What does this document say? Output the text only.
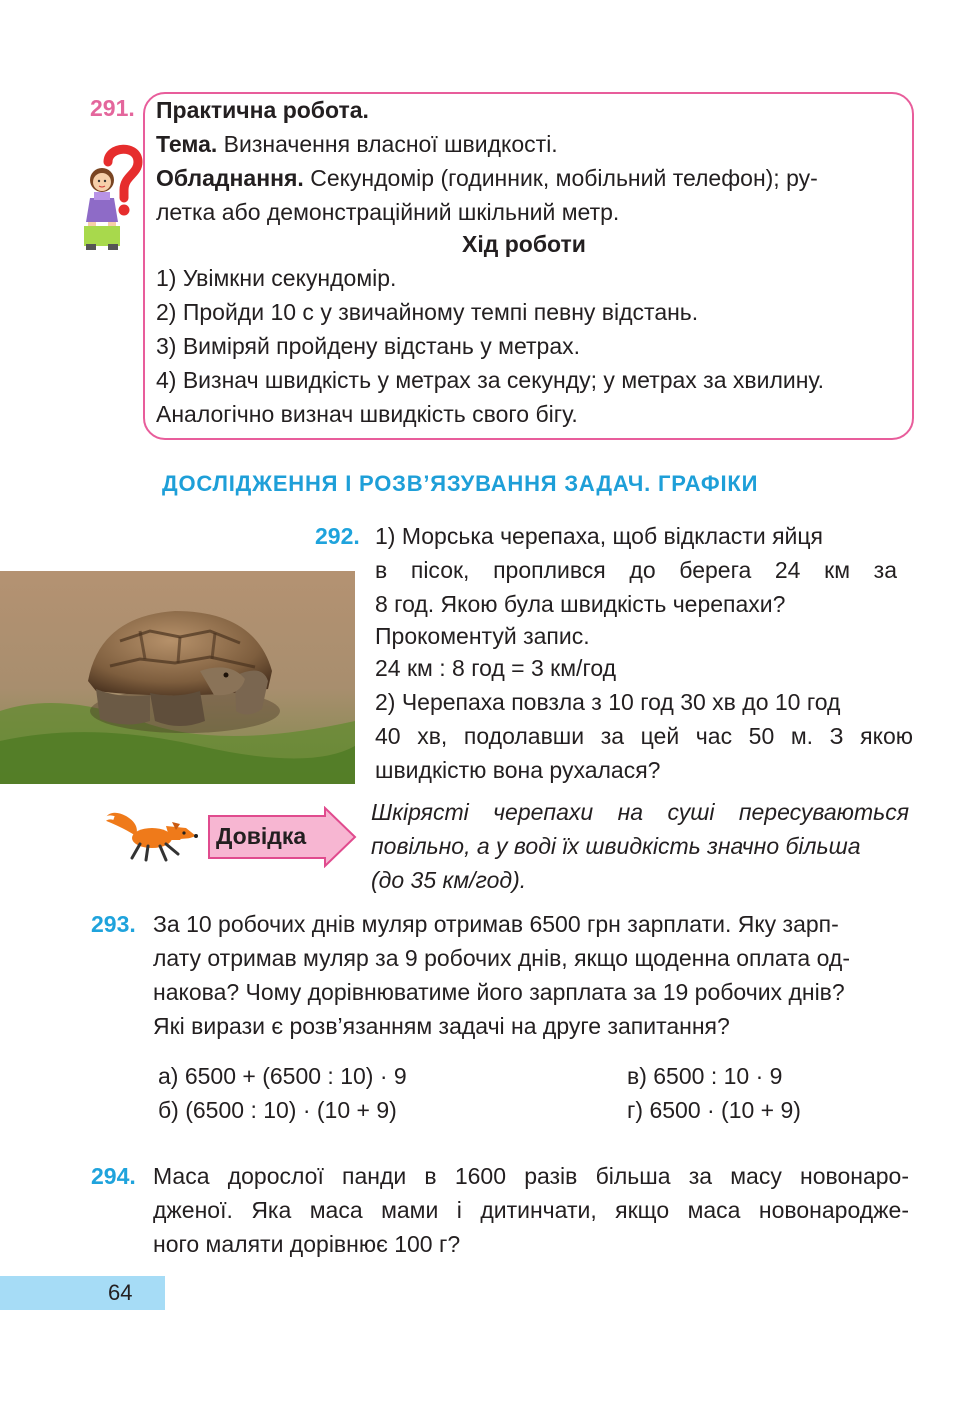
291. Практична робота.
Тема. Визначення власної швидкості.
Обладнання. Секундомір (годинник, мобільний телефон); ру-
летка або демонстраційний шкільний метр.
Хід роботи
1) Увімкни секундомір.
2) Пройди 10 с у звичайному темпі певну відстань.
3) Виміряй пройдену відстань у метрах.
4) Визнач швидкість у метрах за секунду; у метрах за хвилину.
Аналогічно визнач швидкість свого бігу.
ДОСЛІДЖЕННЯ І РОЗВ’ЯЗУВАННЯ ЗАДАЧ. ГРАФІКИ
292. 1) Морська черепаха, щоб відкласти яйця
в пісок, проплився до берега 24 км за
8 год. Якою була швидкість черепахи?
Прокоментуй запис.
24 км : 8 год = 3 км/год
2) Черепаха повзла з 10 год 30 хв до 10 год
40 хв, подолавши за цей час 50 м. З якою
швидкістю вона рухалася?
Довідка
Шкірясті черепахи на суші пересуваються
повільно, а у воді їх швидкість значно більша
(до 35 км/год).
293. За 10 робочих днів муляр отримав 6500 грн зарплати. Яку зарп-
лату отримав муляр за 9 робочих днів, якщо щоденна оплата од-
накова? Чому дорівнюватиме його зарплата за 19 робочих днів?
Які вирази є розв’язанням задачі на друге запитання?
а) 6500 + (6500 : 10) · 9
б) (6500 : 10) · (10 + 9)
в) 6500 : 10 · 9
г) 6500 · (10 + 9)
294. Маса дорослої панди в 1600 разів більша за масу новонаро-
дженої. Яка маса мами і дитинчати, якщо маса новонародже-
ного маляти дорівнює 100 г?
64
